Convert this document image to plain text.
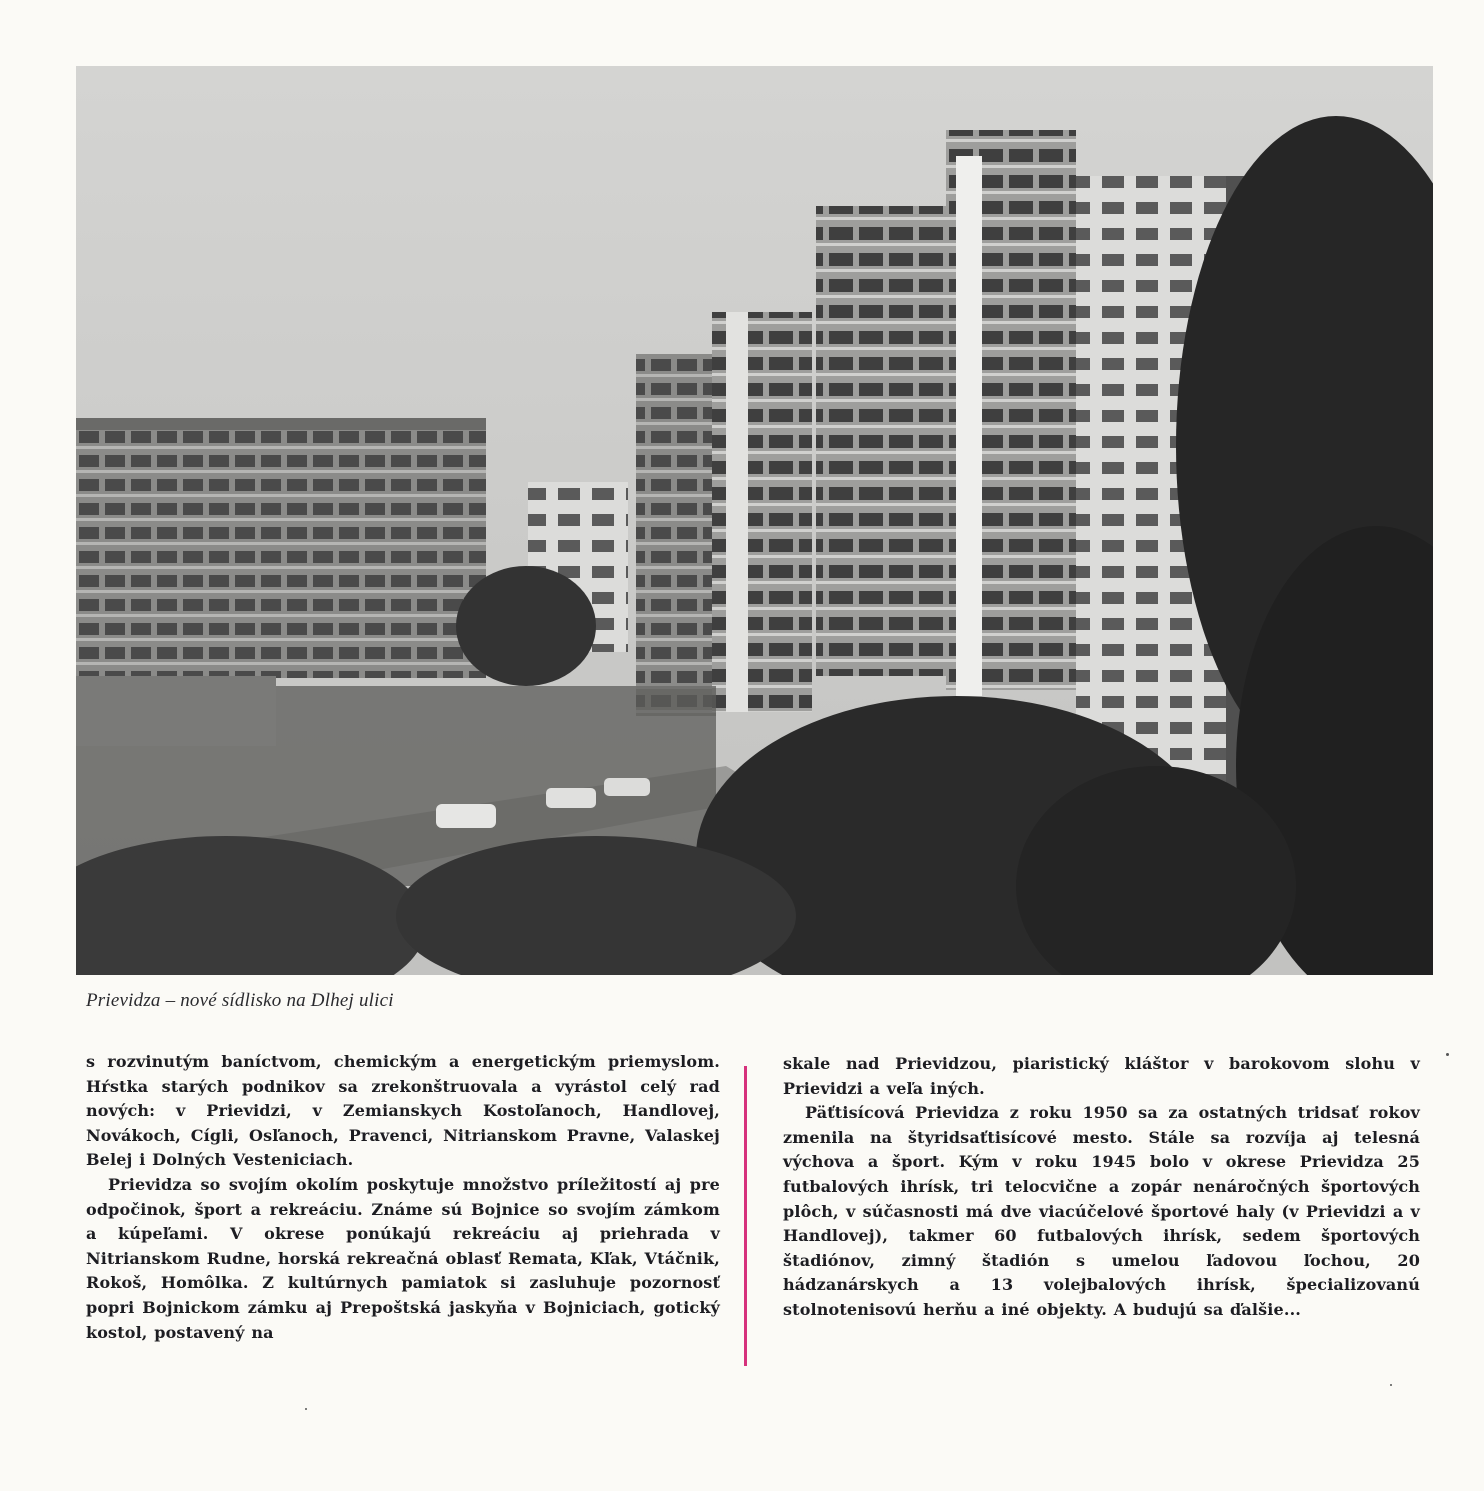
Prievidza – nové sídlisko na Dlhej ulici

s rozvinutým baníctvom, chemickým a energetickým priemyslom. Hŕstka starých podnikov sa zrekonštruovala a vyrástol celý rad nových: v Prievidzi, v Zemianskych Kostoľanoch, Handlovej, Novákoch, Cígli, Osľanoch, Pravenci, Nitrianskom Pravne, Valaskej Belej i Dolných Vesteniciach.

Prievidza so svojím okolím poskytuje množstvo príležitostí aj pre odpočinok, šport a rekreáciu. Známe sú Bojnice so svojím zámkom a kúpeľami. V okrese ponúkajú rekreáciu aj priehrada v Nitrianskom Rudne, horská rekreačná oblasť Remata, Kľak, Vtáčnik, Rokoš, Homôlka. Z kultúrnych pamiatok si zasluhuje pozornosť popri Bojnickom zámku aj Prepoštská jaskyňa v Bojniciach, gotický kostol, postavený na

skale nad Prievidzou, piaristický kláštor v barokovom slohu v Prievidzi a veľa iných.

Päťtisícová Prievidza z roku 1950 sa za ostatných tridsať rokov zmenila na štyridsaťtisícové mesto. Stále sa rozvíja aj telesná výchova a šport. Kým v roku 1945 bolo v okrese Prievidza 25 futbalových ihrísk, tri telocvične a zopár nenáročných športových plôch, v súčasnosti má dve viacúčelové športové haly (v Prievidzi a v Handlovej), takmer 60 futbalových ihrísk, sedem športových štadiónov, zimný štadión s umelou ľadovou ľochou, 20 hádzanárskych a 13 volejbalových ihrísk, špecializovanú stolnotenisovú herňu a iné objekty. A budujú sa ďalšie...
